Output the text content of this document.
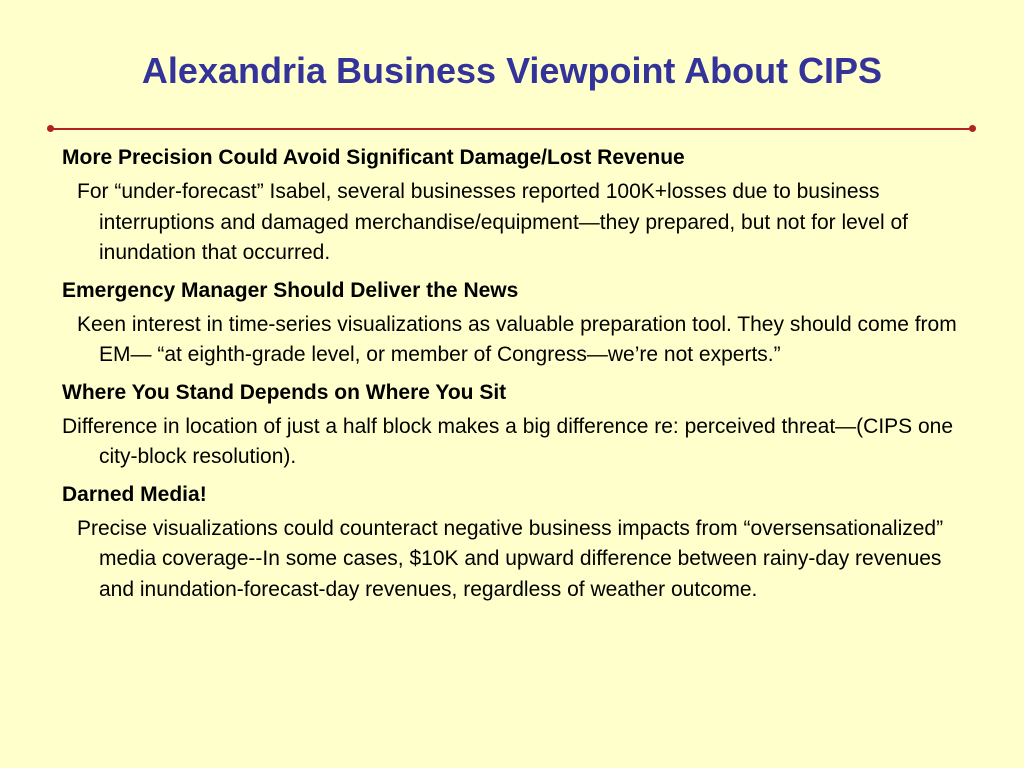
Alexandria Business Viewpoint About CIPS

More Precision Could Avoid Significant Damage/Lost Revenue

For “under-forecast” Isabel, several businesses reported 100K+losses due to business interruptions and damaged merchandise/equipment—they prepared, but not for level of inundation that occurred.

Emergency Manager Should Deliver the News

Keen interest in time-series visualizations as valuable preparation tool. They should come from EM— “at eighth-grade level, or member of Congress—we’re not experts.”

Where You Stand Depends on Where You Sit

Difference in location of just a half block makes a big difference re: perceived threat—(CIPS one city-block resolution).

Darned Media!

Precise visualizations could counteract negative business impacts from “oversensationalized” media coverage--In some cases, $10K and upward difference between rainy-day revenues and inundation-forecast-day revenues, regardless of weather outcome.
